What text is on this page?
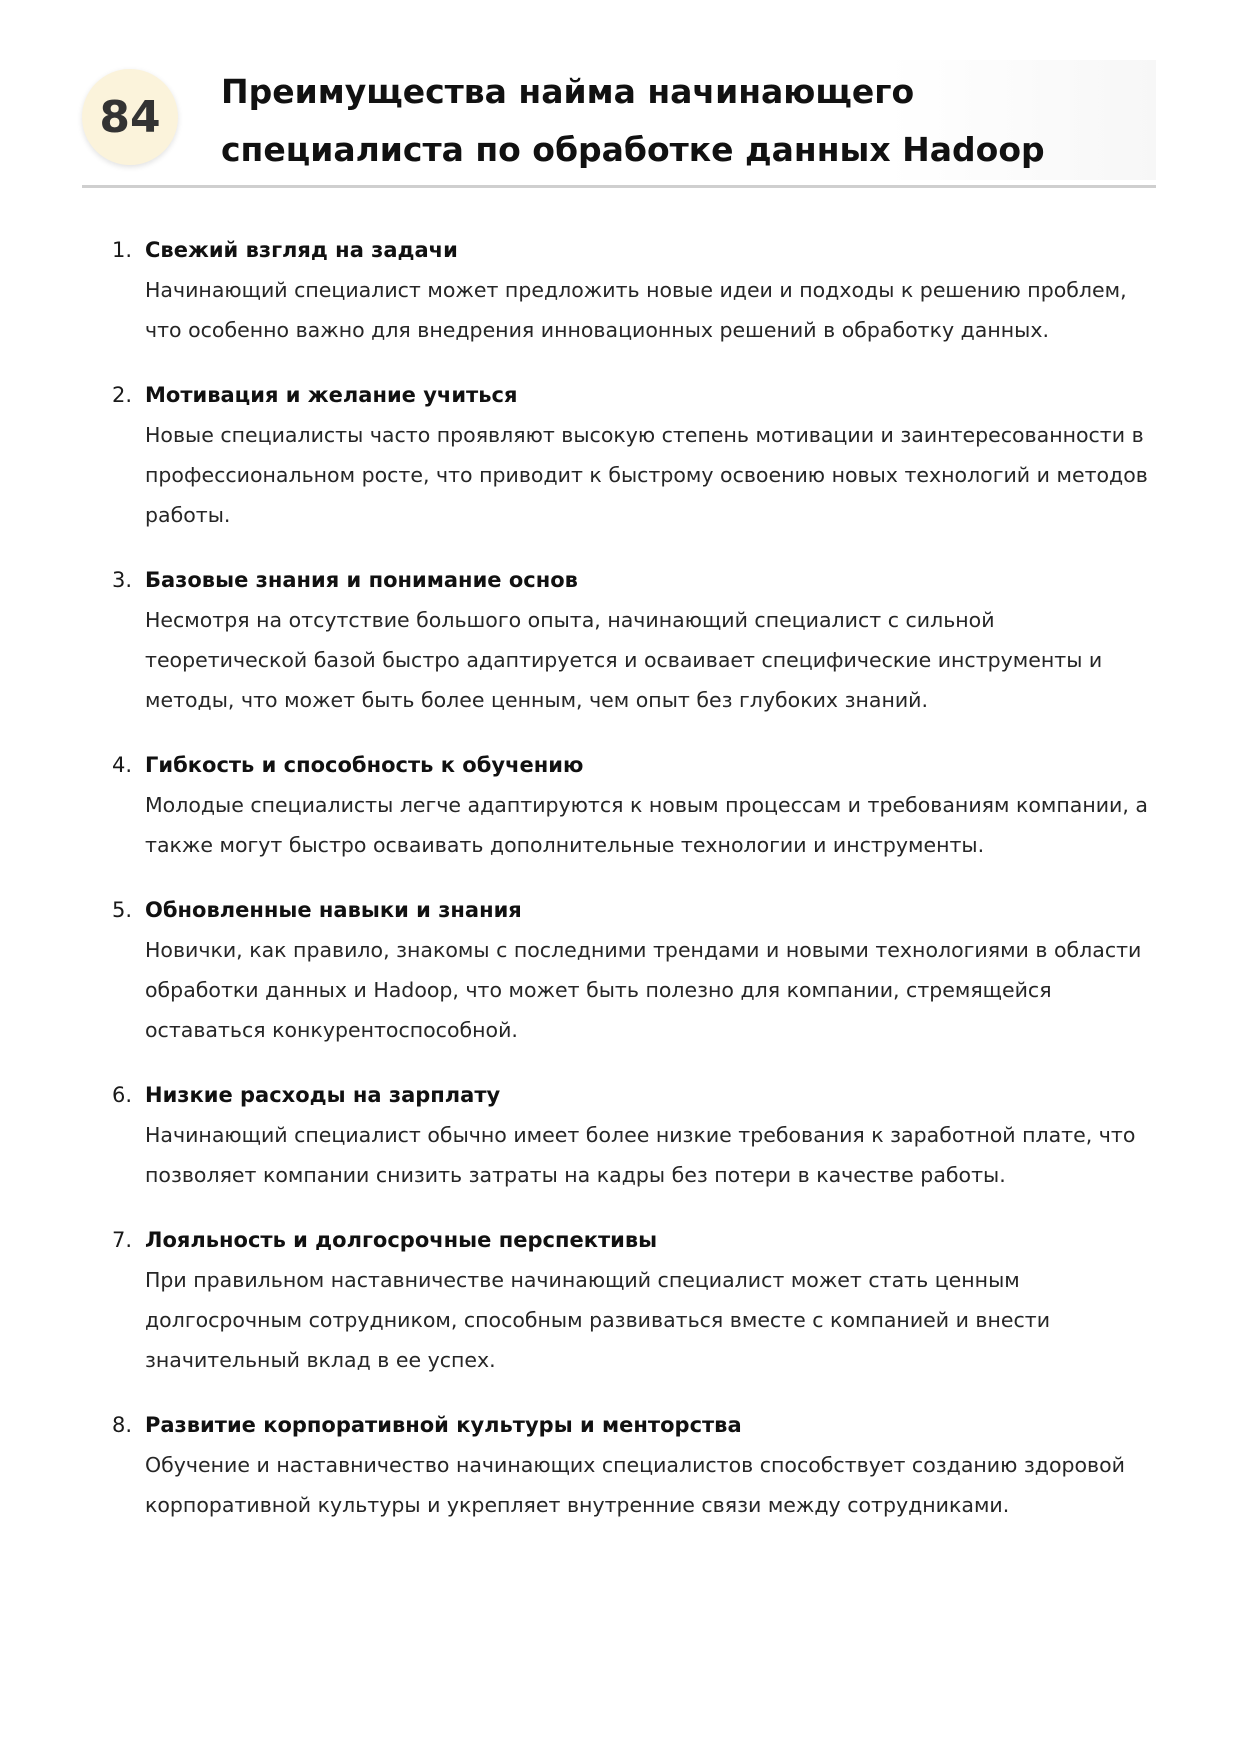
84	Преимущества найма начинающего специалиста по обработке данных Hadoop
1. Свежий взгляд на задачи
Начинающий специалист может предложить новые идеи и подходы к решению проблем, что особенно важно для внедрения инновационных решений в обработку данных.
2. Мотивация и желание учиться
Новые специалисты часто проявляют высокую степень мотивации и заинтересованности в профессиональном росте, что приводит к быстрому освоению новых технологий и методов работы.
3. Базовые знания и понимание основ
Несмотря на отсутствие большого опыта, начинающий специалист с сильной теоретической базой быстро адаптируется и осваивает специфические инструменты и методы, что может быть более ценным, чем опыт без глубоких знаний.
4. Гибкость и способность к обучению
Молодые специалисты легче адаптируются к новым процессам и требованиям компании, а также могут быстро осваивать дополнительные технологии и инструменты.
5. Обновленные навыки и знания
Новички, как правило, знакомы с последними трендами и новыми технологиями в области обработки данных и Hadoop, что может быть полезно для компании, стремящейся оставаться конкурентоспособной.
6. Низкие расходы на зарплату
Начинающий специалист обычно имеет более низкие требования к заработной плате, что позволяет компании снизить затраты на кадры без потери в качестве работы.
7. Лояльность и долгосрочные перспективы
При правильном наставничестве начинающий специалист может стать ценным долгосрочным сотрудником, способным развиваться вместе с компанией и внести значительный вклад в ее успех.
8. Развитие корпоративной культуры и менторства
Обучение и наставничество начинающих специалистов способствует созданию здоровой корпоративной культуры и укрепляет внутренние связи между сотрудниками.
